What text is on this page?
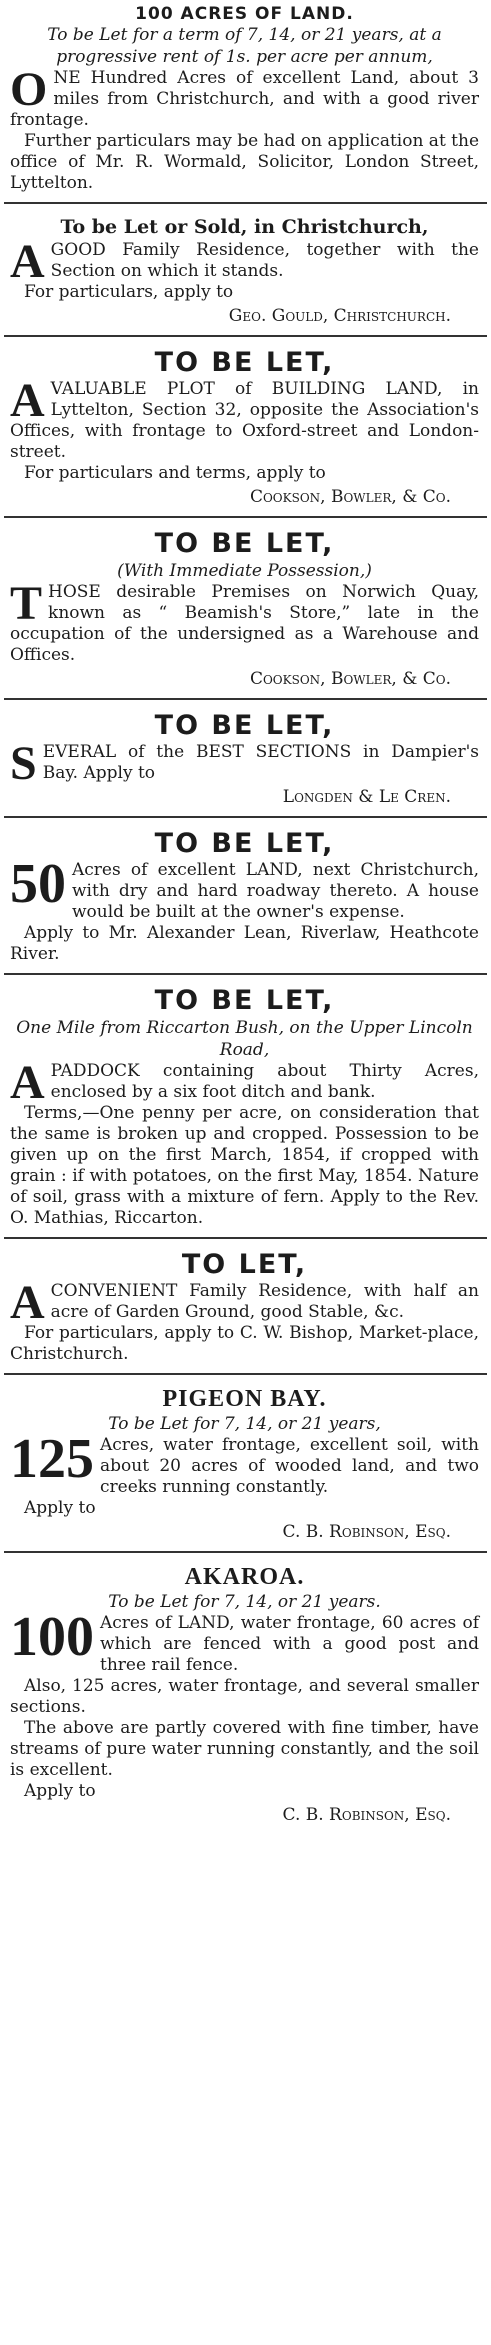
100 ACRES OF LAND.

To be Let for a term of 7, 14, or 21 years, at a progressive rent of 1s. per acre per annum,

ONE Hundred Acres of excellent Land, about 3 miles from Christchurch, and with a good river frontage.

Further particulars may be had on application at the office of Mr. R. Wormald, Solicitor, London Street, Lyttelton.

To be Let or Sold, in Christchurch,

AGOOD Family Residence, together with the Section on which it stands.

For particulars, apply to

Geo. Gould, Christchurch.

TO BE LET,

AVALUABLE PLOT of BUILDING LAND, in Lyttelton, Section 32, opposite the Association's Offices, with frontage to Oxford-street and London-street.

For particulars and terms, apply to

Cookson, Bowler, & Co.

TO BE LET,

(With Immediate Possession,)

THOSE desirable Premises on Norwich Quay, known as “ Beamish's Store,” late in the occupation of the undersigned as a Warehouse and Offices.

Cookson, Bowler, & Co.

TO BE LET,

SEVERAL of the BEST SECTIONS in Dampier's Bay. Apply to

Longden & Le Cren.

TO BE LET,

50 Acres of excellent LAND, next Christchurch, with dry and hard roadway thereto. A house would be built at the owner's expense.

Apply to Mr. Alexander Lean, Riverlaw, Heathcote River.

TO BE LET,

One Mile from Riccarton Bush, on the Upper Lincoln Road,

APADDOCK containing about Thirty Acres, enclosed by a six foot ditch and bank.

Terms,—One penny per acre, on consideration that the same is broken up and cropped. Possession to be given up on the first March, 1854, if cropped with grain : if with potatoes, on the first May, 1854. Nature of soil, grass with a mixture of fern. Apply to the Rev. O. Mathias, Riccarton.

TO LET,

ACONVENIENT Family Residence, with half an acre of Garden Ground, good Stable, &c.

For particulars, apply to C. W. Bishop, Market-place, Christchurch.

PIGEON BAY.

To be Let for 7, 14, or 21 years,

125 Acres, water frontage, excellent soil, with about 20 acres of wooded land, and two creeks running constantly.

Apply to

C. B. Robinson, Esq.

AKAROA.

To be Let for 7, 14, or 21 years.

100 Acres of LAND, water frontage, 60 acres of which are fenced with a good post and three rail fence.

Also, 125 acres, water frontage, and several smaller sections.

The above are partly covered with fine timber, have streams of pure water running constantly, and the soil is excellent.

Apply to

C. B. Robinson, Esq.
